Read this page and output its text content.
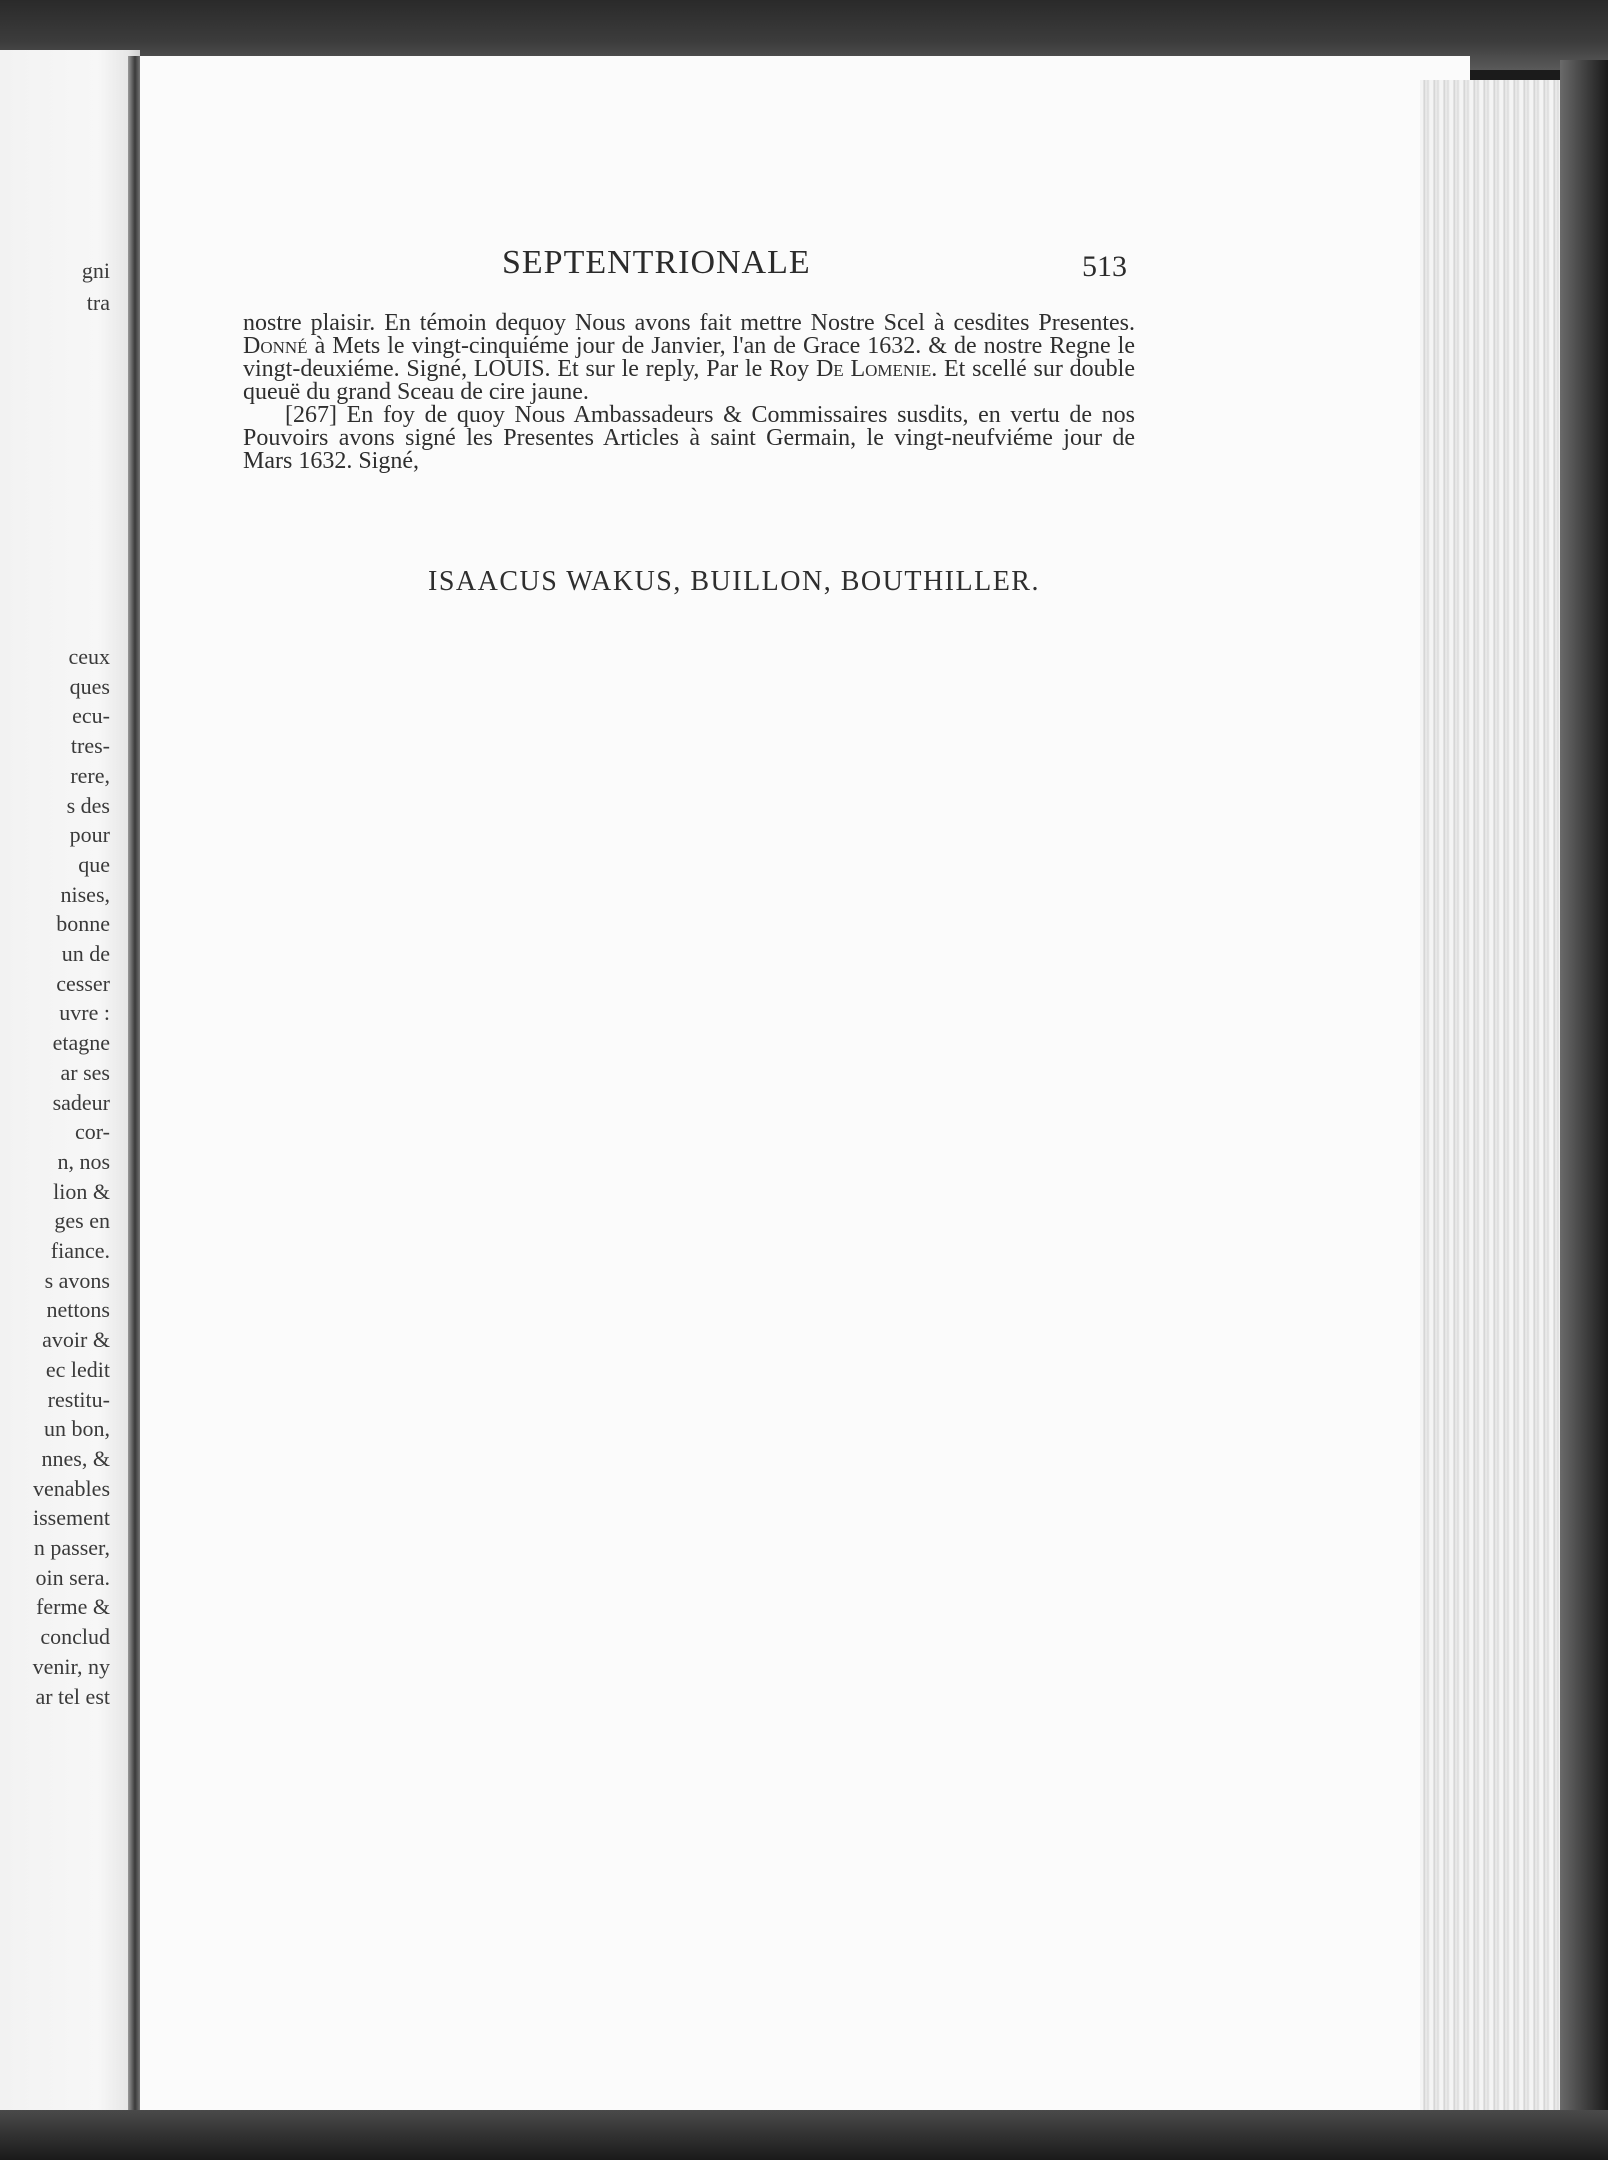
gni
tra
ceux
ques
ecu-
tres-
rere,
s des
pour
que
nises,
bonne
un de
cesser
uvre :
etagne
ar ses
sadeur
cor-
n, nos
lion &
ges en
fiance.
s avons
nettons
avoir &
ec ledit
restitu-
un bon,
nnes, &
venables
issement
n passer,
oin sera.
ferme &
conclud
venir, ny
ar tel est
SEPTENTRIONALE	513

nostre plaisir. En témoin dequoy Nous avons fait mettre Nostre Scel à cesdites Presentes. Donné à Mets le vingt-cinquiéme jour de Janvier, l'an de Grace 1632. & de nostre Regne le vingt-deuxiéme. Signé, LOUIS. Et sur le reply, Par le Roy De Lomenie. Et scellé sur double queuë du grand Sceau de cire jaune.

[267] En foy de quoy Nous Ambassadeurs & Commissaires susdits, en vertu de nos Pouvoirs avons signé les Presentes Articles à saint Germain, le vingt-neufviéme jour de Mars 1632. Signé,

ISAACUS WAKUS, BUILLON, BOUTHILLER.
